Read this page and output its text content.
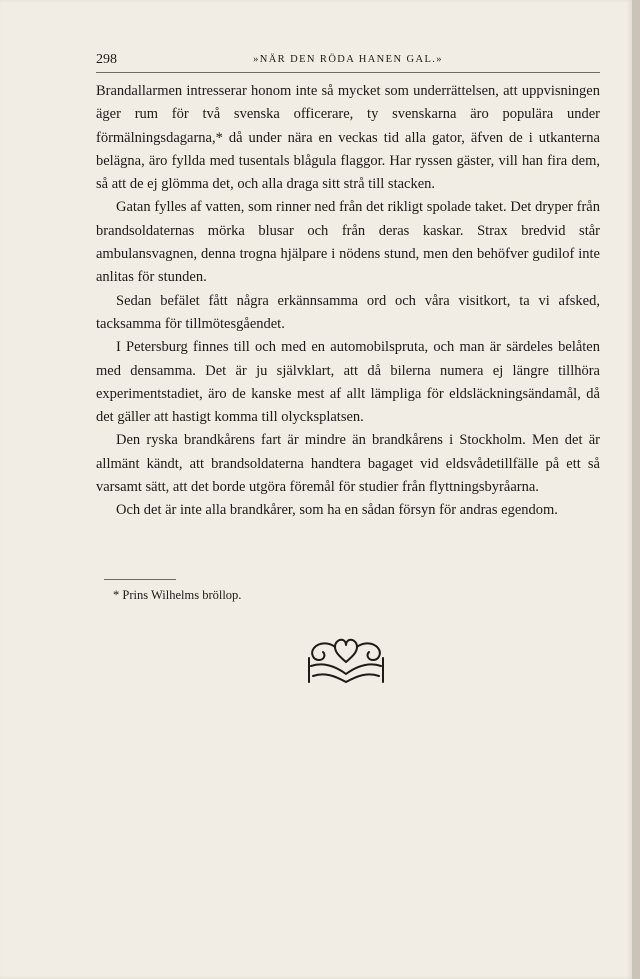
298	»NÄR DEN RÖDA HANEN GAL.»

Brandallarmen intresserar honom inte så mycket som underrättelsen, att uppvisningen äger rum för två svenska officerare, ty svenskarna äro populära under förmälningsdagarna,* då under nära en veckas tid alla gator, äfven de i utkanterna belägna, äro fyllda med tusentals blågula flaggor. Har ryssen gäster, vill han fira dem, så att de ej glömma det, och alla draga sitt strå till stacken.

Gatan fylles af vatten, som rinner ned från det rikligt spolade taket. Det dryper från brandsoldaternas mörka blusar och från deras kaskar. Strax bredvid står ambulansvagnen, denna trogna hjälpare i nödens stund, men den behöfver gudilof inte anlitas för stunden.

Sedan befälet fått några erkännsamma ord och våra visitkort, ta vi afsked, tacksamma för tillmötesgåendet.

I Petersburg finnes till och med en automobilspruta, och man är särdeles belåten med densamma. Det är ju självklart, att då bilerna numera ej längre tillhöra experimentstadiet, äro de kanske mest af allt lämpliga för eldsläckningsändamål, då det gäller att hastigt komma till olycksplatsen.

Den ryska brandkårens fart är mindre än brandkårens i Stockholm. Men det är allmänt kändt, att brandsoldaterna handtera bagaget vid eldsvådetillfälle på ett så varsamt sätt, att det borde utgöra föremål för studier från flyttningsbyråarna.

Och det är inte alla brandkårer, som ha en sådan försyn för andras egendom.

* Prins Wilhelms bröllop.
